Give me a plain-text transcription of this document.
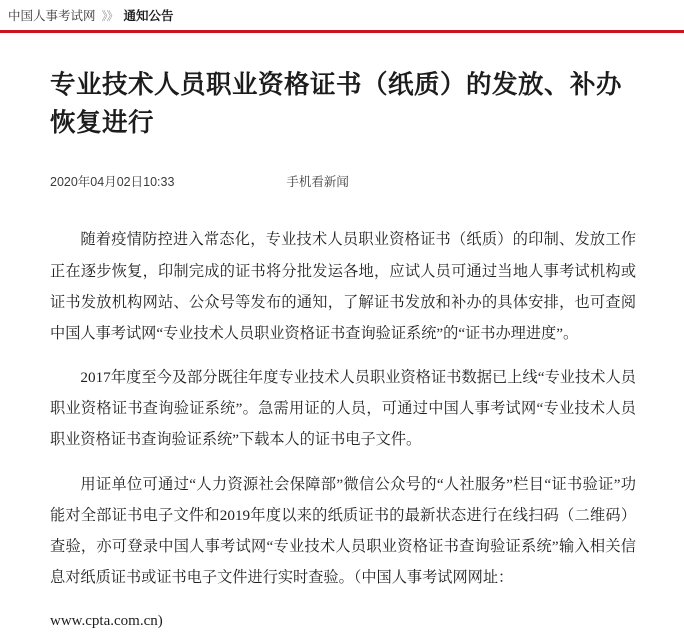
中国人事考试网 》》 通知公告
专业技术人员职业资格证书（纸质）的发放、补办恢复进行
2020年04月02日10:33	手机看新闻

随着疫情防控进入常态化，专业技术人员职业资格证书（纸质）的印制、发放工作正在逐步恢复，印制完成的证书将分批发运各地，应试人员可通过当地人事考试机构或证书发放机构网站、公众号等发布的通知，了解证书发放和补办的具体安排，也可查阅中国人事考试网“专业技术人员职业资格证书查询验证系统”的“证书办理进度”。

2017年度至今及部分既往年度专业技术人员职业资格证书数据已上线“专业技术人员职业资格证书查询验证系统”。急需用证的人员，可通过中国人事考试网“专业技术人员职业资格证书查询验证系统”下载本人的证书电子文件。

用证单位可通过“人力资源社会保障部”微信公众号的“人社服务”栏目“证书验证”功能对全部证书电子文件和2019年度以来的纸质证书的最新状态进行在线扫码（二维码）查验，亦可登录中国人事考试网“专业技术人员职业资格证书查询验证系统”输入相关信息对纸质证书或证书电子文件进行实时查验。（中国人事考试网网址：

www.cpta.com.cn)
